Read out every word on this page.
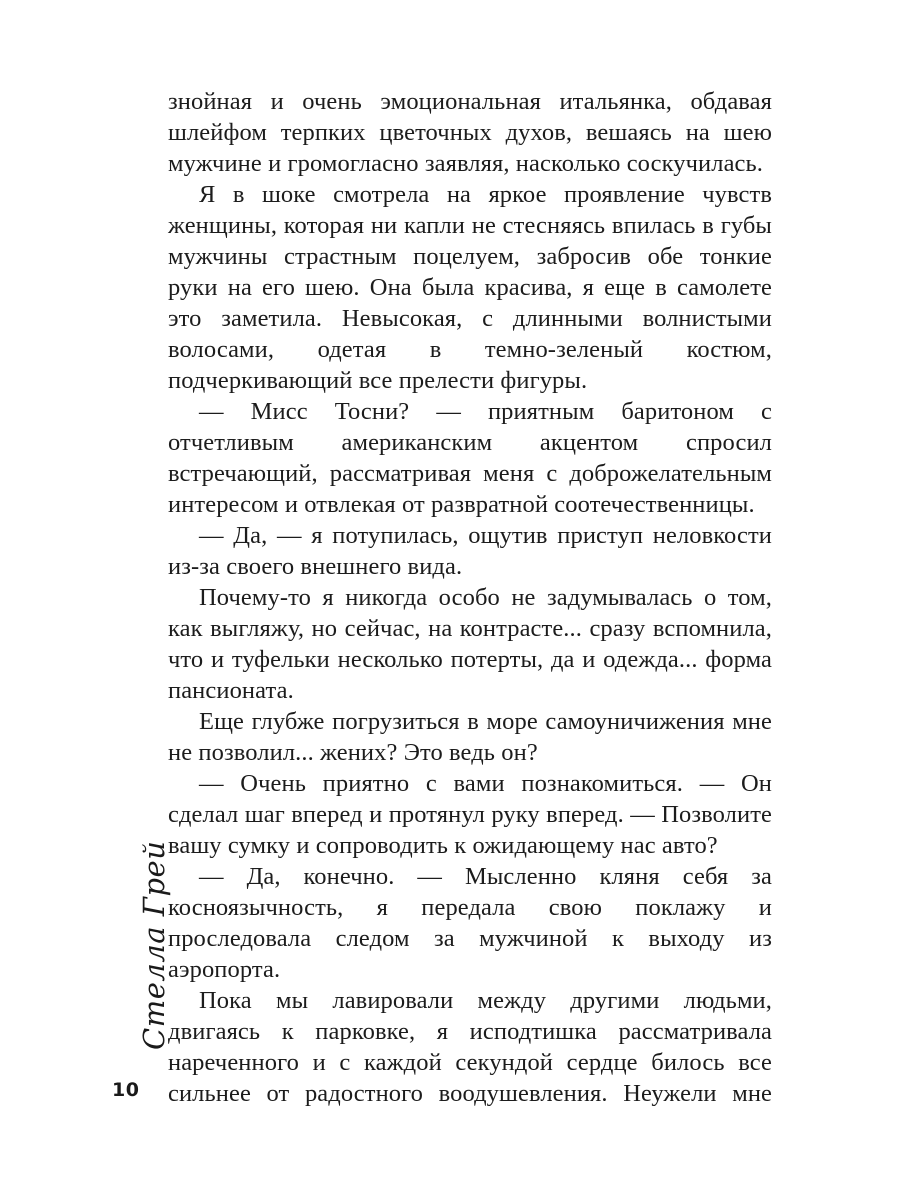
знойная и очень эмоциональная итальянка, обдавая шлейфом терпких цветочных духов, вешаясь на шею мужчине и громогласно заявляя, насколько соскучилась.

Я в шоке смотрела на яркое проявление чувств женщины, которая ни капли не стесняясь впилась в губы мужчины страстным поцелуем, забросив обе тонкие руки на его шею. Она была красива, я еще в самолете это заметила. Невысокая, с длинными волнистыми волосами, одетая в темно-зеленый костюм, подчеркивающий все прелести фигуры.

— Мисс Тосни? — приятным баритоном с отчетливым американским акцентом спросил встречающий, рассматривая меня с доброжелательным интересом и отвлекая от развратной соотечественницы.

— Да, — я потупилась, ощутив приступ неловкости из-за своего внешнего вида.

Почему-то я никогда особо не задумывалась о том, как выгляжу, но сейчас, на контрасте... сразу вспомнила, что и туфельки несколько потерты, да и одежда... форма пансионата.

Еще глубже погрузиться в море самоуничижения мне не позволил... жених? Это ведь он?

— Очень приятно с вами познакомиться. — Он сделал шаг вперед и протянул руку вперед. — Позволите вашу сумку и сопроводить к ожидающему нас авто?

— Да, конечно. — Мысленно кляня себя за косноязычность, я передала свою поклажу и проследовала следом за мужчиной к выходу из аэропорта.

Пока мы лавировали между другими людьми, двигаясь к парковке, я исподтишка рассматривала нареченного и с каждой секундой сердце билось все сильнее от радостного воодушевления. Неужели мне

Стелла Грей
10
